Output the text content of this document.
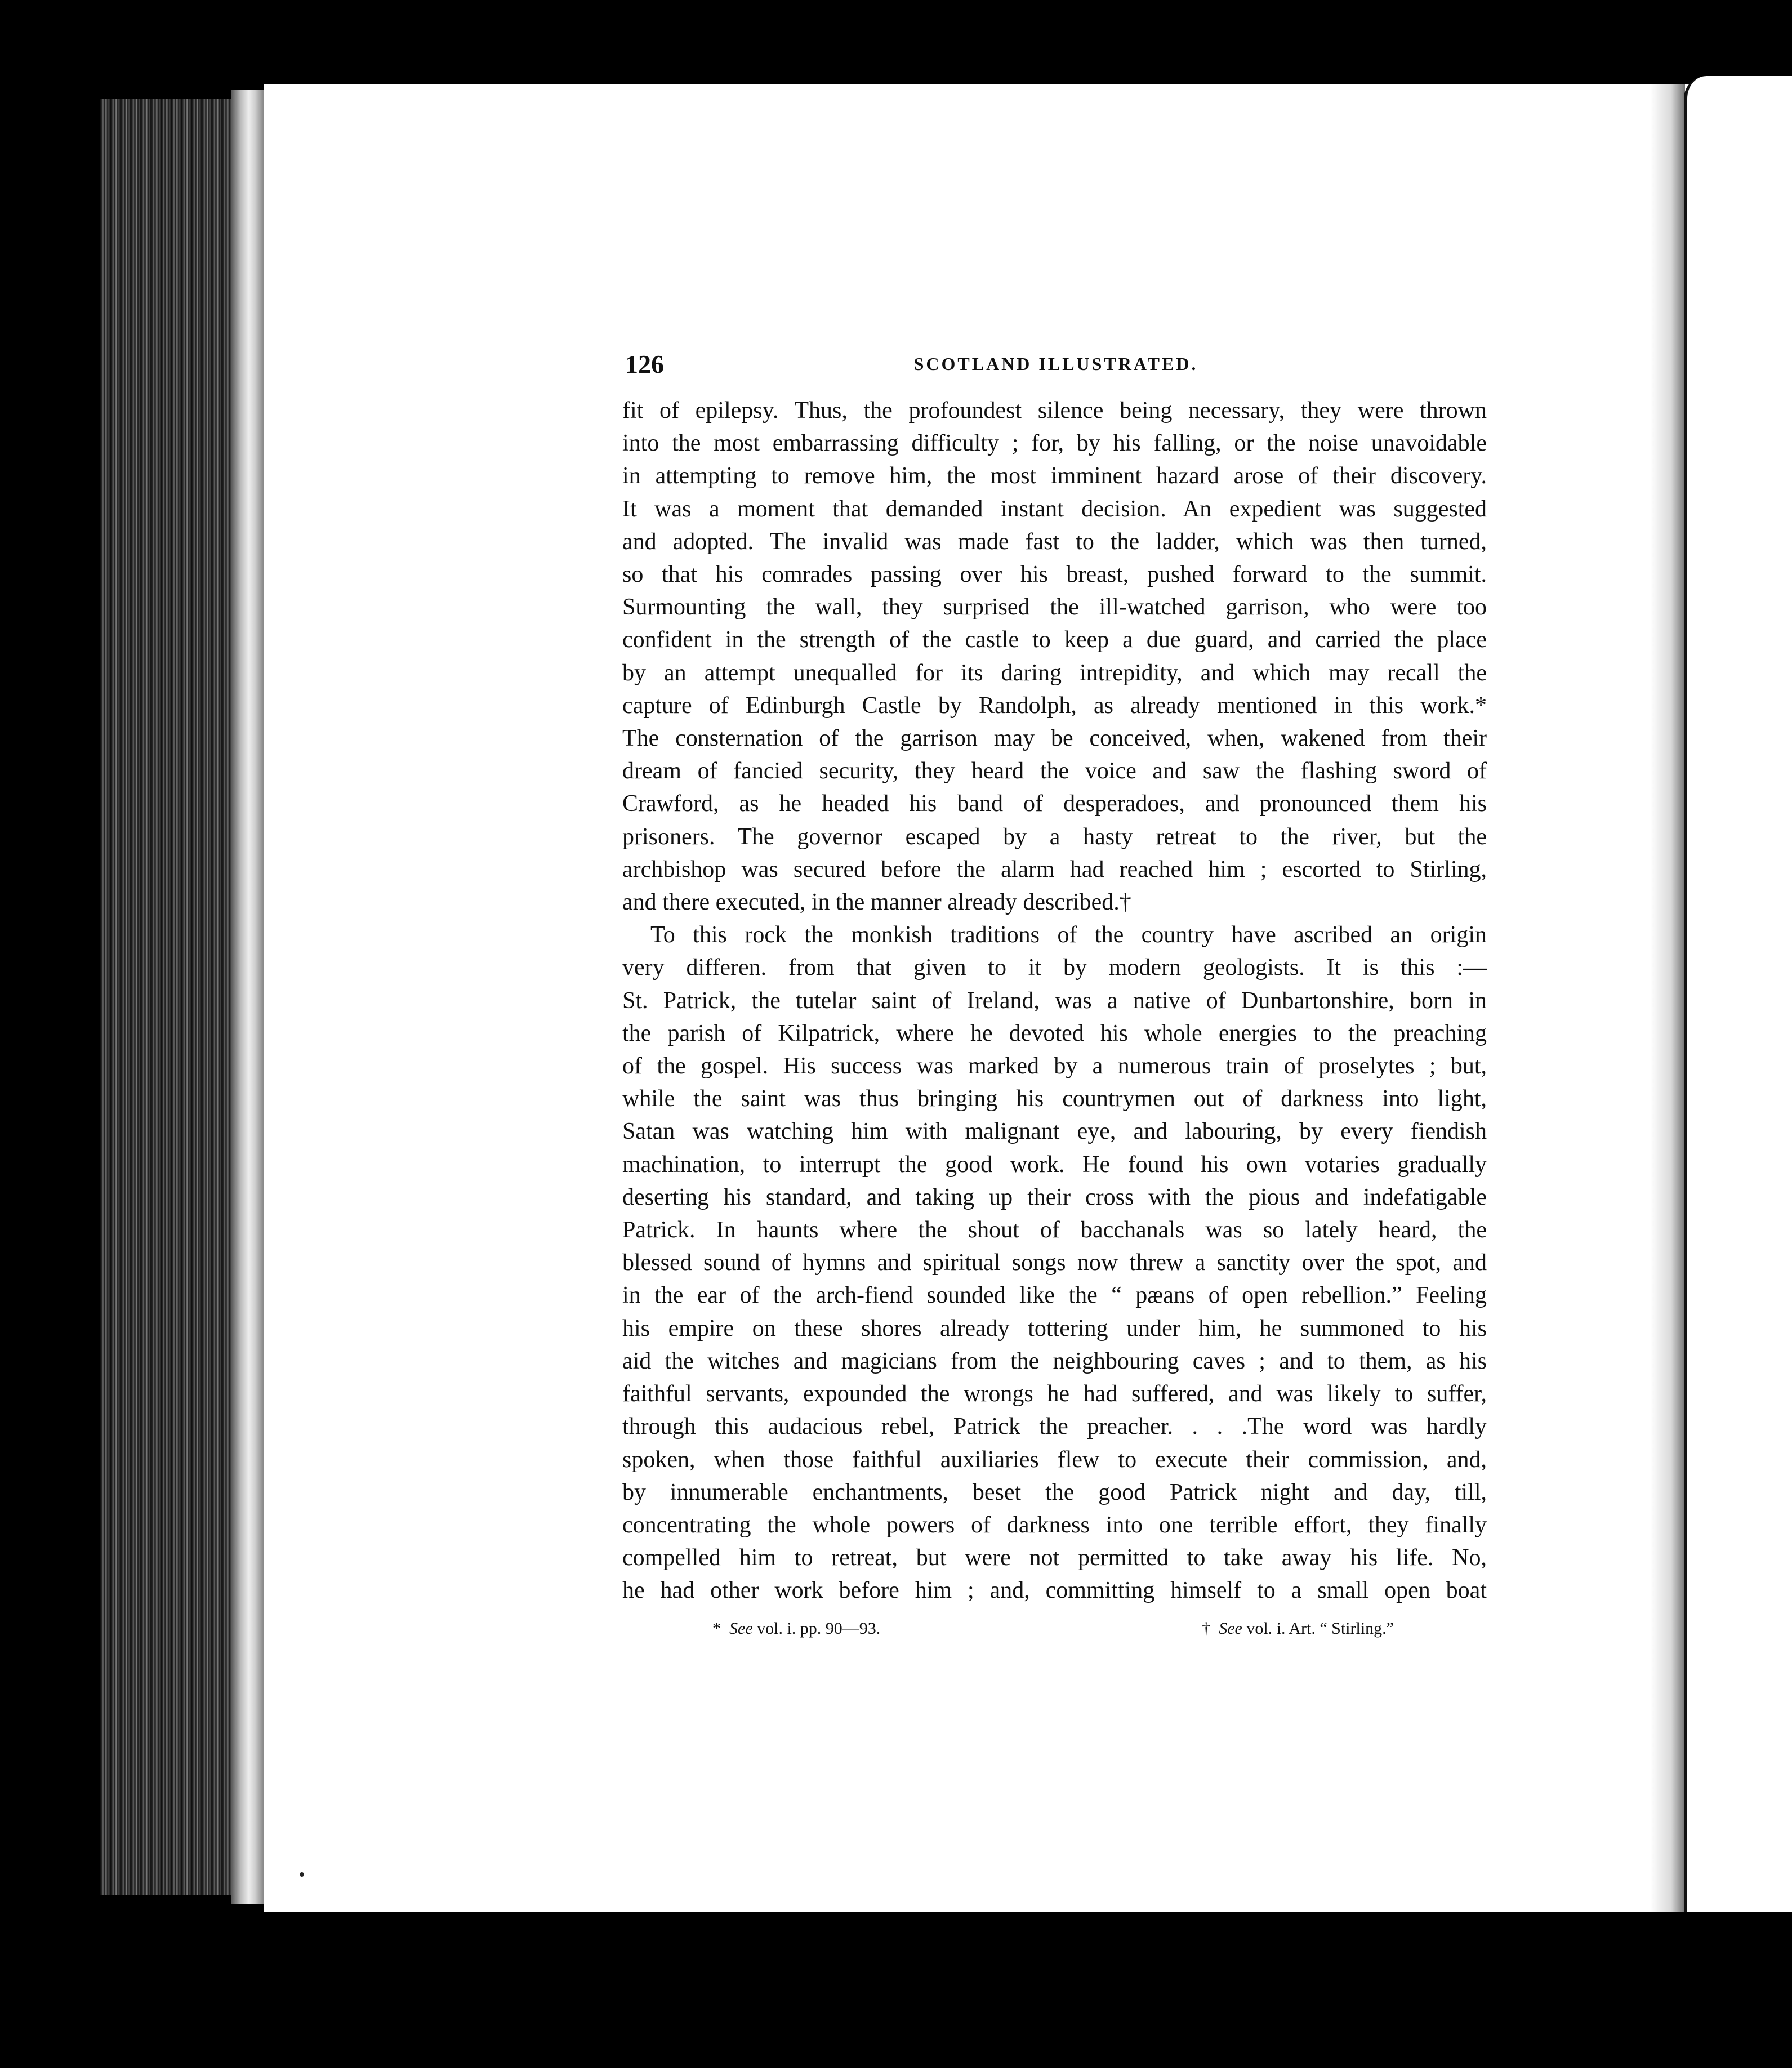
126	SCOTLAND ILLUSTRATED.
fit of epilepsy. Thus, the profoundest silence being necessary, they were thrown
into the most embarrassing difficulty ; for, by his falling, or the noise unavoidable
in attempting to remove him, the most imminent hazard arose of their discovery.
It was a moment that demanded instant decision. An expedient was suggested
and adopted. The invalid was made fast to the ladder, which was then turned,
so that his comrades passing over his breast, pushed forward to the summit.
Surmounting the wall, they surprised the ill-watched garrison, who were too
confident in the strength of the castle to keep a due guard, and carried the place
by an attempt unequalled for its daring intrepidity, and which may recall the
capture of Edinburgh Castle by Randolph, as already mentioned in this work.*
The consternation of the garrison may be conceived, when, wakened from their
dream of fancied security, they heard the voice and saw the flashing sword of
Crawford, as he headed his band of desperadoes, and pronounced them his
prisoners. The governor escaped by a hasty retreat to the river, but the
archbishop was secured before the alarm had reached him ; escorted to Stirling,
and there executed, in the manner already described.†
To this rock the monkish traditions of the country have ascribed an origin
very differen. from that given to it by modern geologists. It is this :—
St. Patrick, the tutelar saint of Ireland, was a native of Dunbartonshire, born in
the parish of Kilpatrick, where he devoted his whole energies to the preaching
of the gospel. His success was marked by a numerous train of proselytes ; but,
while the saint was thus bringing his countrymen out of darkness into light,
Satan was watching him with malignant eye, and labouring, by every fiendish
machination, to interrupt the good work. He found his own votaries gradually
deserting his standard, and taking up their cross with the pious and indefatigable
Patrick. In haunts where the shout of bacchanals was so lately heard, the
blessed sound of hymns and spiritual songs now threw a sanctity over the spot, and
in the ear of the arch-fiend sounded like the “ pæans of open rebellion.” Feeling
his empire on these shores already tottering under him, he summoned to his
aid the witches and magicians from the neighbouring caves ; and to them, as his
faithful servants, expounded the wrongs he had suffered, and was likely to suffer,
through this audacious rebel, Patrick the preacher. . . .The word was hardly
spoken, when those faithful auxiliaries flew to execute their commission, and,
by innumerable enchantments, beset the good Patrick night and day, till,
concentrating the whole powers of darkness into one terrible effort, they finally
compelled him to retreat, but were not permitted to take away his life. No,
he had other work before him ; and, committing himself to a small open boat
* See vol. i. pp. 90—93.	† See vol. i. Art. “ Stirling.”
